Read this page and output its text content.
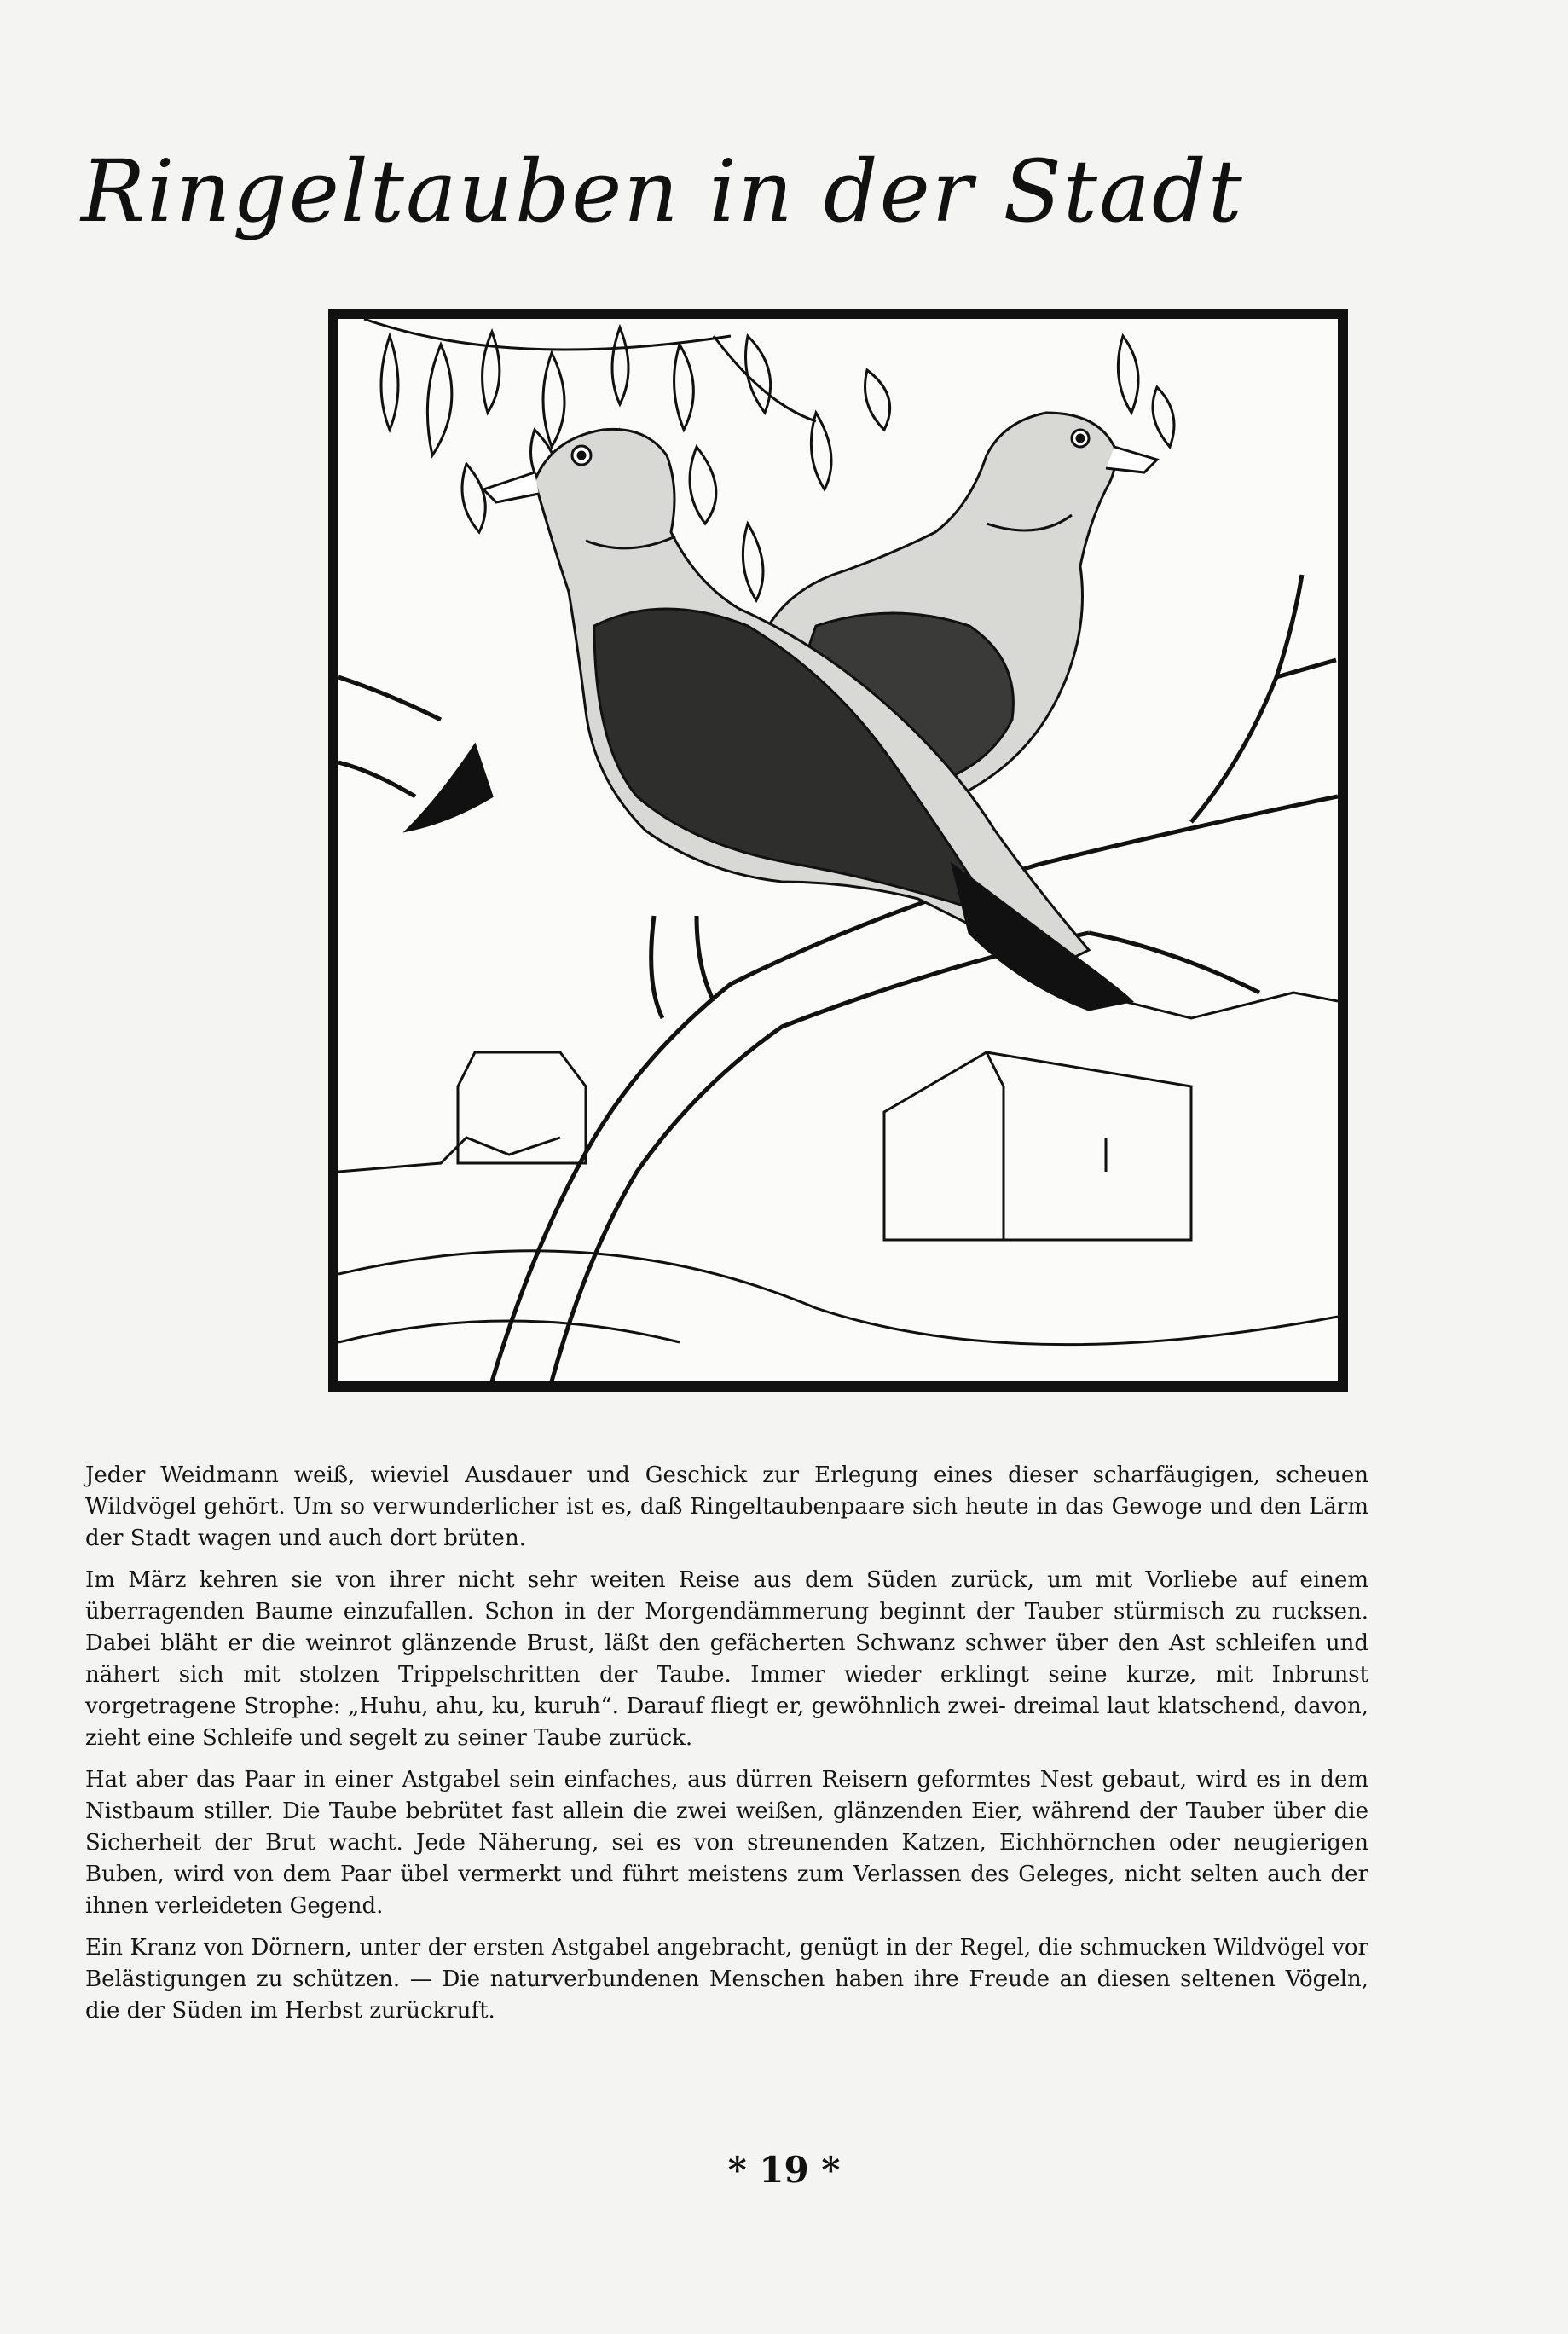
Ringeltauben in der Stadt

Jeder Weidmann weiß, wieviel Ausdauer und Geschick zur Erlegung eines dieser scharfäugigen, scheuen Wildvögel gehört. Um so verwunderlicher ist es, daß Ringeltaubenpaare sich heute in das Gewoge und den Lärm der Stadt wagen und auch dort brüten.

Im März kehren sie von ihrer nicht sehr weiten Reise aus dem Süden zurück, um mit Vorliebe auf einem überragenden Baume einzufallen. Schon in der Morgendämmerung beginnt der Tauber stürmisch zu rucksen. Dabei bläht er die weinrot glänzende Brust, läßt den gefächerten Schwanz schwer über den Ast schleifen und nähert sich mit stolzen Trippelschritten der Taube. Immer wieder erklingt seine kurze, mit Inbrunst vorgetragene Strophe: „Huhu, ahu, ku, kuruh“. Darauf fliegt er, gewöhnlich zwei- dreimal laut klatschend, davon, zieht eine Schleife und segelt zu seiner Taube zurück.

Hat aber das Paar in einer Astgabel sein einfaches, aus dürren Reisern geformtes Nest gebaut, wird es in dem Nistbaum stiller. Die Taube bebrütet fast allein die zwei weißen, glänzenden Eier, während der Tauber über die Sicherheit der Brut wacht. Jede Näherung, sei es von streunenden Katzen, Eichhörnchen oder neugierigen Buben, wird von dem Paar übel vermerkt und führt meistens zum Verlassen des Geleges, nicht selten auch der ihnen verleideten Gegend.

Ein Kranz von Dörnern, unter der ersten Astgabel angebracht, genügt in der Regel, die schmucken Wildvögel vor Belästigungen zu schützen. — Die naturverbundenen Menschen haben ihre Freude an diesen seltenen Vögeln, die der Süden im Herbst zurückruft.

* 19 *
